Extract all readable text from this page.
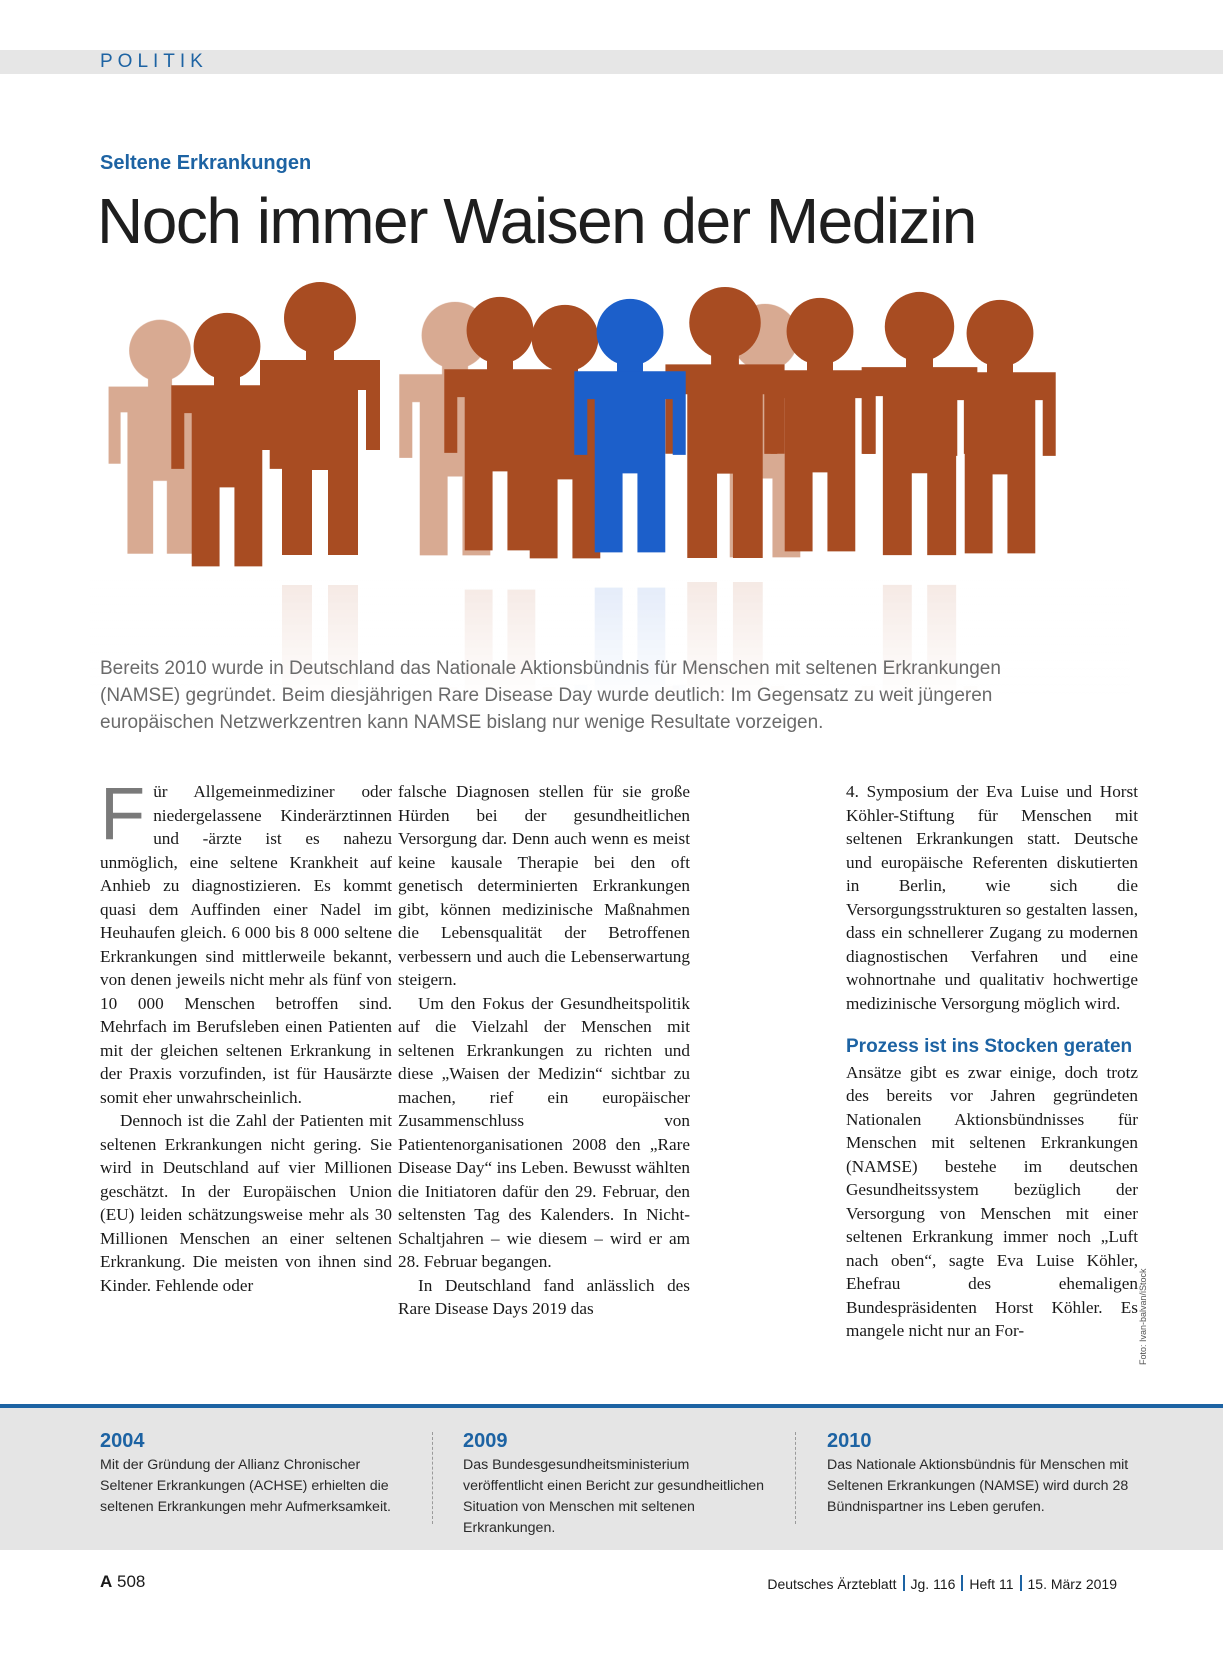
POLITIK
Seltene Erkrankungen
Noch immer Waisen der Medizin
Bereits 2010 wurde in Deutschland das Nationale Aktionsbündnis für Menschen mit seltenen Erkrankungen (NAMSE) gegründet. Beim diesjährigen Rare Disease Day wurde deutlich: Im Gegensatz zu weit jüngeren europäischen Netzwerkzentren kann NAMSE bislang nur wenige Resultate vorzeigen.

Für Allgemeinmediziner oder niedergelassene Kinderärztinnen und -ärzte ist es nahezu unmöglich, eine seltene Krankheit auf Anhieb zu diagnostizieren. Es kommt quasi dem Auffinden einer Nadel im Heuhaufen gleich. 6 000 bis 8 000 seltene Erkrankungen sind mittlerweile bekannt, von denen jeweils nicht mehr als fünf von 10 000 Menschen betroffen sind. Mehrfach im Berufsleben einen Patienten mit der gleichen seltenen Erkrankung in der Praxis vorzufinden, ist für Hausärzte somit eher unwahrscheinlich.

Dennoch ist die Zahl der Patienten mit seltenen Erkrankungen nicht gering. Sie wird in Deutschland auf vier Millionen geschätzt. In der Europäischen Union (EU) leiden schätzungsweise mehr als 30 Millionen Menschen an einer seltenen Erkrankung. Die meisten von ihnen sind Kinder. Fehlende oder

falsche Diagnosen stellen für sie große Hürden bei der gesundheitlichen Versorgung dar. Denn auch wenn es meist keine kausale Therapie bei den oft genetisch determinierten Erkrankungen gibt, können medizinische Maßnahmen die Lebensqualität der Betroffenen verbessern und auch die Lebenserwartung steigern.

Um den Fokus der Gesundheitspolitik auf die Vielzahl der Menschen mit seltenen Erkrankungen zu richten und diese „Waisen der Medizin“ sichtbar zu machen, rief ein europäischer Zusammenschluss von Patientenorganisationen 2008 den „Rare Disease Day“ ins Leben. Bewusst wählten die Initiatoren dafür den 29. Februar, den seltensten Tag des Kalenders. In Nicht-Schaltjahren – wie diesem – wird er am 28. Februar begangen.

In Deutschland fand anlässlich des Rare Disease Days 2019 das

4. Symposium der Eva Luise und Horst Köhler-Stiftung für Menschen mit seltenen Erkrankungen statt. Deutsche und europäische Referenten diskutierten in Berlin, wie sich die Versorgungsstrukturen so gestalten lassen, dass ein schnellerer Zugang zu modernen diagnostischen Verfahren und eine wohnortnahe und qualitativ hochwertige medizinische Versorgung möglich wird.

Prozess ist ins Stocken geraten

Ansätze gibt es zwar einige, doch trotz des bereits vor Jahren gegründeten Nationalen Aktionsbündnisses für Menschen mit seltenen Erkrankungen (NAMSE) bestehe im deutschen Gesundheitssystem bezüglich der Versorgung von Menschen mit einer seltenen Erkrankung immer noch „Luft nach oben“, sagte Eva Luise Köhler, Ehefrau des ehemaligen Bundespräsidenten Horst Köhler. Es mangele nicht nur an For-	Foto: Ivan-balvan/iStock
2004
Mit der Gründung der Allianz Chronischer Seltener Erkrankungen (ACHSE) erhielten die seltenen Erkrankungen mehr Aufmerksamkeit.
2009
Das Bundesgesundheitsministerium veröffentlicht einen Bericht zur gesundheitlichen Situation von Menschen mit seltenen Erkrankungen.
2010
Das Nationale Aktionsbündnis für Menschen mit Seltenen Erkrankungen (NAMSE) wird durch 28 Bündnispartner ins Leben gerufen.
A 508	Deutsches Ärzteblatt Jg. 116 Heft 11 15. März 2019
